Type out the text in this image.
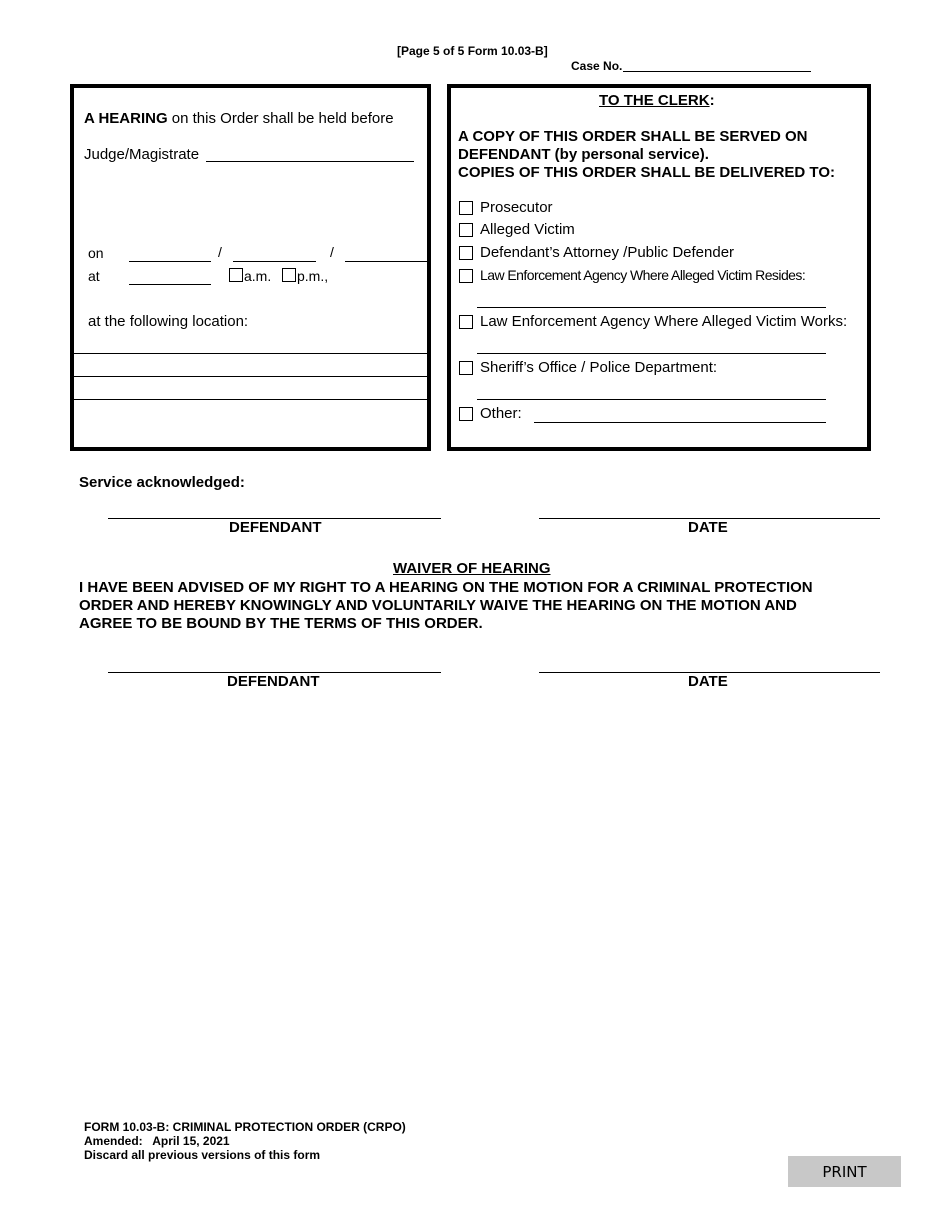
[Page 5 of 5 Form 10.03-B]
Case No.
A HEARING on this Order shall be held before
Judge/Magistrate
on	/	/
at	a.m. p.m.,
at the following location:
TO THE CLERK:
A COPY OF THIS ORDER SHALL BE SERVED ON
DEFENDANT (by personal service).
COPIES OF THIS ORDER SHALL BE DELIVERED TO:
Prosecutor
Alleged Victim
Defendant’s Attorney /Public Defender
Law Enforcement Agency Where Alleged Victim Resides:
Law Enforcement Agency Where Alleged Victim Works:
Sheriff’s Office / Police Department:
Other:
Service acknowledged:
DEFENDANT	DATE
WAIVER OF HEARING
I HAVE BEEN ADVISED OF MY RIGHT TO A HEARING ON THE MOTION FOR A CRIMINAL PROTECTION
ORDER AND HEREBY KNOWINGLY AND VOLUNTARILY WAIVE THE HEARING ON THE MOTION AND
AGREE TO BE BOUND BY THE TERMS OF THIS ORDER.
DEFENDANT	DATE
FORM 10.03-B: CRIMINAL PROTECTION ORDER (CRPO)
Amended:   April 15, 2021
Discard all previous versions of this form
PRINT
